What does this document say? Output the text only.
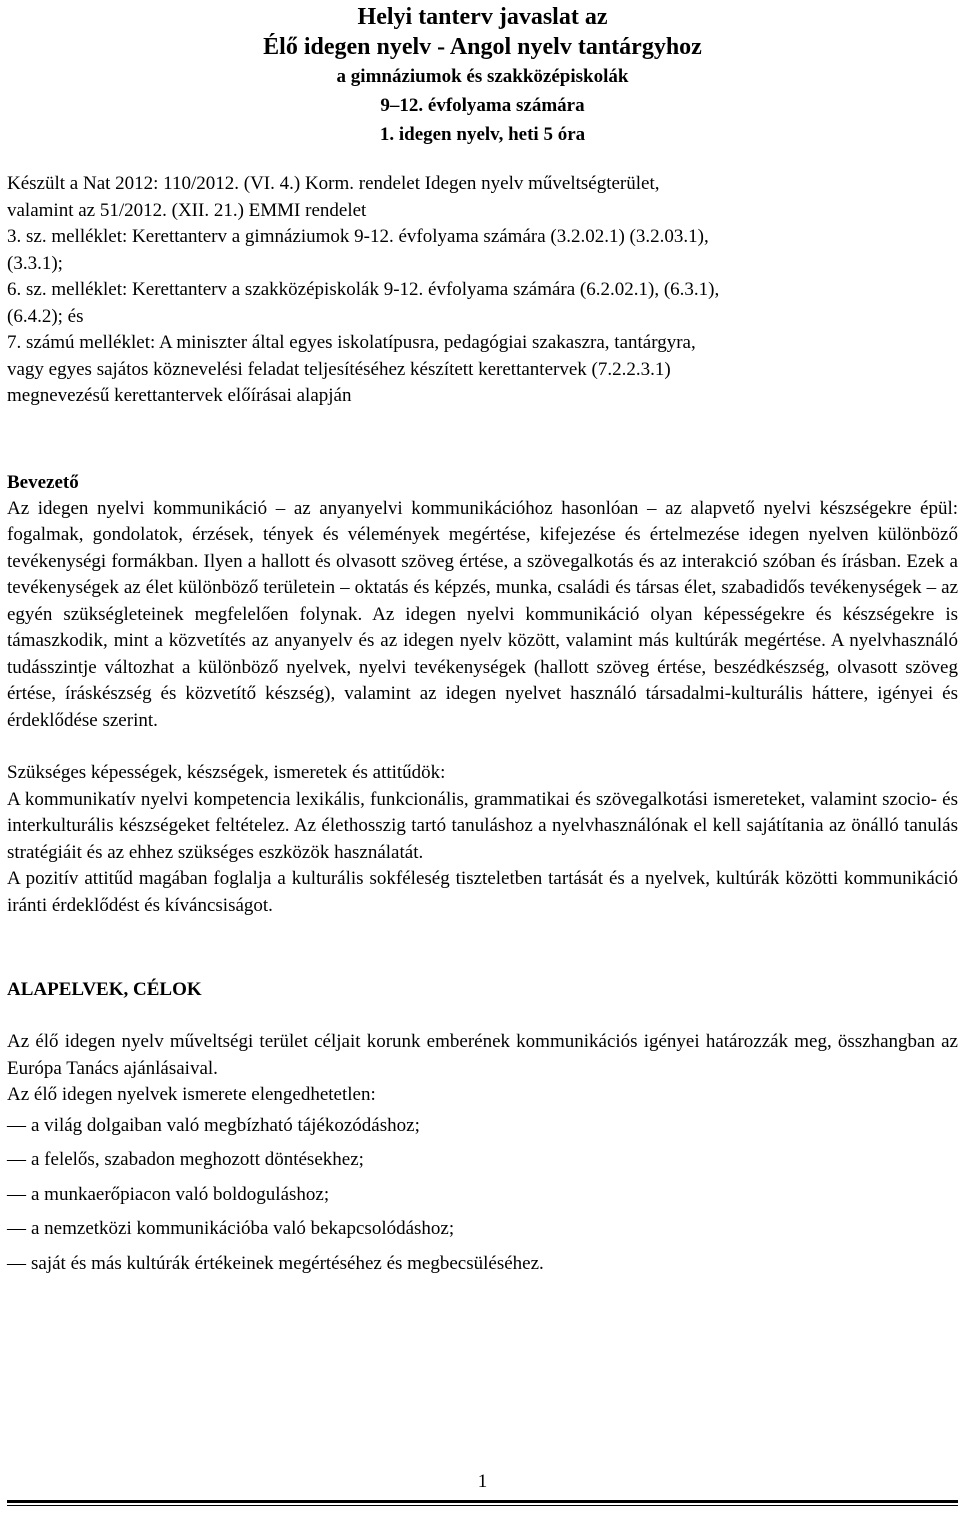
Helyi tanterv javaslat az
Élő idegen nyelv - Angol nyelv tantárgyhoz
a gimnáziumok és szakközépiskolák
9–12. évfolyama számára
1. idegen nyelv, heti 5 óra
Készült a Nat 2012: 110/2012. (VI. 4.) Korm. rendelet Idegen nyelv műveltségterület,
valamint az 51/2012. (XII. 21.) EMMI rendelet
3. sz. melléklet: Kerettanterv a gimnáziumok 9-12. évfolyama számára (3.2.02.1) (3.2.03.1),
(3.3.1);
6. sz. melléklet: Kerettanterv a szakközépiskolák 9-12. évfolyama számára (6.2.02.1), (6.3.1),
(6.4.2); és
7. számú melléklet: A miniszter által egyes iskolatípusra, pedagógiai szakaszra, tantárgyra,
vagy egyes sajátos köznevelési feladat teljesítéséhez készített kerettantervek (7.2.2.3.1)
megnevezésű kerettantervek előírásai alapján
Bevezető
Az idegen nyelvi kommunikáció – az anyanyelvi kommunikációhoz hasonlóan – az alapvető nyelvi készségekre épül: fogalmak, gondolatok, érzések, tények és vélemények megértése, kifejezése és értelmezése idegen nyelven különböző tevékenységi formákban. Ilyen a hallott és olvasott szöveg értése, a szövegalkotás és az interakció szóban és írásban. Ezek a tevékenységek az élet különböző területein – oktatás és képzés, munka, családi és társas élet, szabadidős tevékenységek – az egyén szükségleteinek megfelelően folynak. Az idegen nyelvi kommunikáció olyan képességekre és készségekre is támaszkodik, mint a közvetítés az anyanyelv és az idegen nyelv között, valamint más kultúrák megértése. A nyelvhasználó tudásszintje változhat a különböző nyelvek, nyelvi tevékenységek (hallott szöveg értése, beszédkészség, olvasott szöveg értése, íráskészség és közvetítő készség), valamint az idegen nyelvet használó társadalmi-kulturális háttere, igényei és érdeklődése szerint.
Szükséges képességek, készségek, ismeretek és attitűdök:
A kommunikatív nyelvi kompetencia lexikális, funkcionális, grammatikai és szövegalkotási ismereteket, valamint szocio- és interkulturális készségeket feltételez. Az élethosszig tartó tanuláshoz a nyelvhasználónak el kell sajátítania az önálló tanulás stratégiáit és az ehhez szükséges eszközök használatát.
A pozitív attitűd magában foglalja a kulturális sokféleség tiszteletben tartását és a nyelvek, kultúrák közötti kommunikáció iránti érdeklődést és kíváncsiságot.
ALAPELVEK, CÉLOK
Az élő idegen nyelv műveltségi terület céljait korunk emberének kommunikációs igényei határozzák meg, összhangban az Európa Tanács ajánlásaival.
Az élő idegen nyelvek ismerete elengedhetetlen:
― a világ dolgaiban való megbízható tájékozódáshoz;
― a felelős, szabadon meghozott döntésekhez;
― a munkaerőpiacon való boldoguláshoz;
― a nemzetközi kommunikációba való bekapcsolódáshoz;
― saját és más kultúrák értékeinek megértéséhez és megbecsüléséhez.
1
